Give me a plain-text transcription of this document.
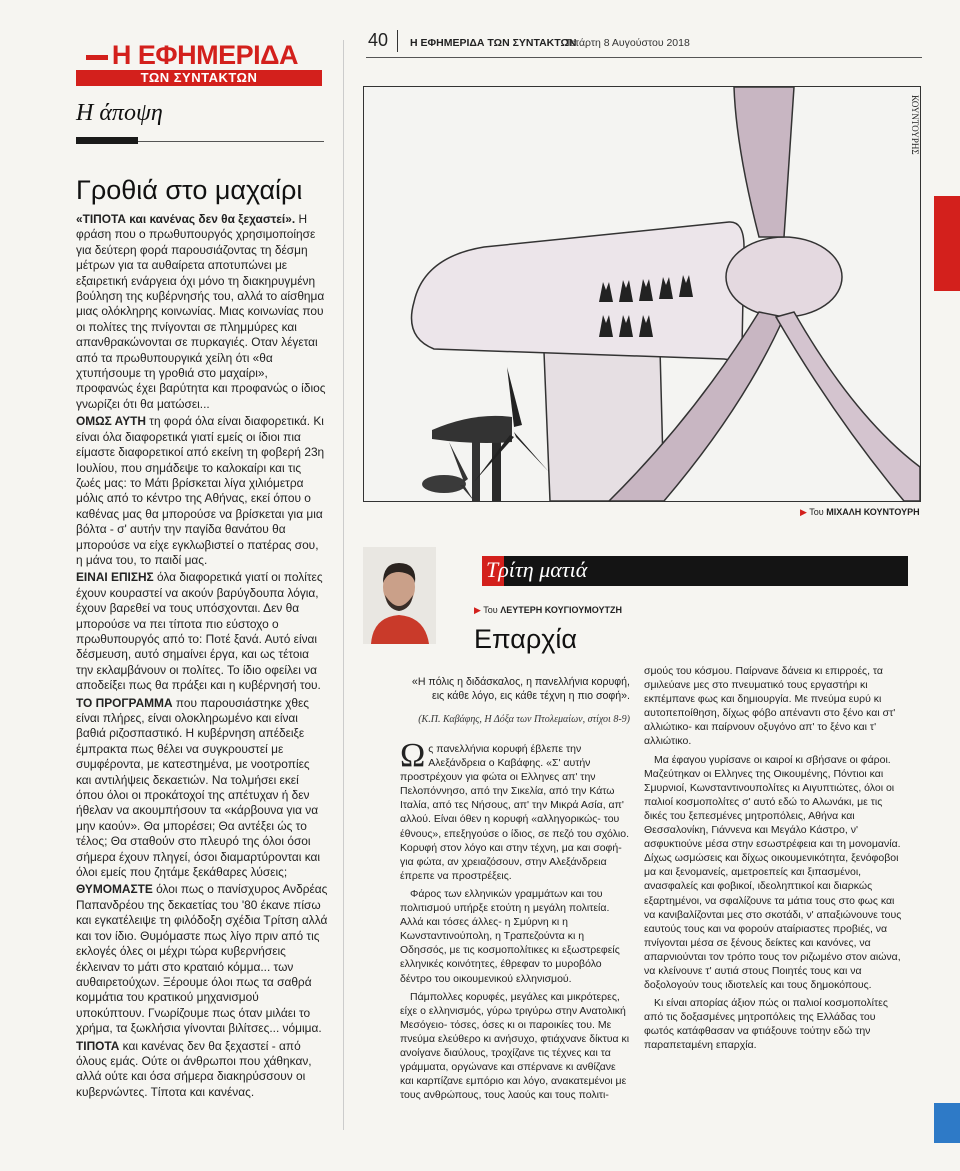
Η ΕΦΗΜΕΡΙΔΑ
ΤΩΝ ΣΥΝΤΑΚΤΩΝ
Η άποψη
Γροθιά στο μαχαίρι

«ΤΙΠΟΤΑ και κανένας δεν θα ξεχαστεί». Η φράση που ο πρωθυπουργός χρησιμοποίησε για δεύτερη φορά παρουσιάζοντας τη δέσμη μέτρων για τα αυθαίρετα αποτυπώνει με εξαιρετική ενάργεια όχι μόνο τη διακηρυγμένη βούληση της κυβέρνησής του, αλλά το αίσθημα μιας ολόκληρης κοινωνίας. Μιας κοινωνίας που οι πολίτες της πνίγονται σε πλημμύρες και απανθρακώνονται σε πυρκαγιές. Οταν λέγεται από τα πρωθυπουργικά χείλη ότι «θα χτυπήσουμε τη γροθιά στο μαχαίρι», προφανώς έχει βαρύτητα και προφανώς ο ίδιος γνωρίζει ότι θα ματώσει...

ΟΜΩΣ ΑΥΤΗ τη φορά όλα είναι διαφορετικά. Κι είναι όλα διαφορετικά γιατί εμείς οι ίδιοι πια είμαστε διαφορετικοί από εκείνη τη φοβερή 23η Ιουλίου, που σημάδεψε το καλοκαίρι και τις ζωές μας: το Μάτι βρίσκεται λίγα χιλιόμετρα μόλις από το κέντρο της Αθήνας, εκεί όπου ο καθένας μας θα μπορούσε να βρίσκεται για μια βόλτα - σ' αυτήν την παγίδα θανάτου θα μπορούσε να είχε εγκλωβιστεί ο πατέρας σου, η μάνα του, το παιδί μας.

ΕΙΝΑΙ ΕΠΙΣΗΣ όλα διαφορετικά γιατί οι πολίτες έχουν κουραστεί να ακούν βαρύγδουπα λόγια, έχουν βαρεθεί να τους υπόσχονται. Δεν θα μπορούσε να πει τίποτα πιο εύστοχο ο πρωθυπουργός από το: Ποτέ ξανά. Αυτό είναι δέσμευση, αυτό σημαίνει έργα, και ως τέτοια την εκλαμβάνουν οι πολίτες. Το ίδιο οφείλει να αποδείξει πως θα πράξει και η κυβέρνησή του.

ΤΟ ΠΡΟΓΡΑΜΜΑ που παρουσιάστηκε χθες είναι πλήρες, είναι ολοκληρωμένο και είναι βαθιά ριζοσπαστικό. Η κυβέρνηση απέδειξε έμπρακτα πως θέλει να συγκρουστεί με συμφέροντα, με κατεστημένα, με νοοτροπίες και αντιλήψεις δεκαετιών. Να τολμήσει εκεί όπου όλοι οι προκάτοχοί της απέτυχαν ή δεν ήθελαν να ακουμπήσουν τα «κάρβουνα για να μην καούν». Θα μπορέσει; Θα αντέξει ώς το τέλος; Θα σταθούν στο πλευρό της όλοι όσοι σήμερα έχουν πληγεί, όσοι διαμαρτύρονται και όλοι εμείς που ζητάμε ξεκάθαρες λύσεις;

ΘΥΜΟΜΑΣΤΕ όλοι πως ο πανίσχυρος Ανδρέας Παπανδρέου της δεκαετίας του '80 έκανε πίσω και εγκατέλειψε τη φιλόδοξη σχέδια Τρίτση αλλά και τον ίδιο. Θυμόμαστε πως λίγο πριν από τις εκλογές όλες οι μέχρι τώρα κυβερνήσεις έκλειναν το μάτι στο κραταιό κόμμα... των αυθαιρετούχων. Ξέρουμε όλοι πως τα σαθρά κομμάτια του κρατικού μηχανισμού υποκύπτουν. Γνωρίζουμε πως όταν μιλάει το χρήμα, τα ξωκλήσια γίνονται βιλίτσες... νόμιμα.

ΤΙΠΟΤΑ και κανένας δεν θα ξεχαστεί - από όλους εμάς. Ούτε οι άνθρωποι που χάθηκαν, αλλά ούτε και όσα σήμερα διακηρύσσουν οι κυβερνώντες. Τίποτα και κανένας.

40 Η ΕΦΗΜΕΡΙΔΑ ΤΩΝ ΣΥΝΤΑΚΤΩΝ
Τετάρτη 8 Αυγούστου 2018
ΚΟΥΝΤΟΥΡΗΣ
▶ Του ΜΙΧΑΛΗ ΚΟΥΝΤΟΥΡΗ
Τρίτη ματιά
▶ Του ΛΕΥΤΕΡΗ ΚΟΥΓΙΟΥΜΟΥΤΖΗ
Επαρχία
«Η πόλις η διδάσκαλος, η πανελλήνια κορυφή, εις κάθε λόγο, εις κάθε τέχνη η πιο σοφή».
(Κ.Π. Καβάφης, Η Δόξα των Πτολεμαίων, στίχοι 8-9)

Ως πανελλήνια κορυφή έβλεπε την Αλεξάνδρεια ο Καβάφης. «Σ' αυτήν προστρέχουν για φώτα οι Ελληνες απ' την Πελοπόννησο, από την Σικελία, από την Κάτω Ιταλία, από τες Νήσους, απ' την Μικρά Ασία, απ' αλλού. Είναι όθεν η κορυφή «αλληγορικώς- του έθνους», επεξηγούσε ο ίδιος, σε πεζό του σχόλιο. Κορυφή στον λόγο και στην τέχνη, μα και σοφή- για φώτα, αν χρειαζόσουν, στην Αλεξάνδρεια έπρεπε να προστρέξεις.

Φάρος των ελληνικών γραμμάτων και του πολιτισμού υπήρξε ετούτη η μεγάλη πολιτεία. Αλλά και τόσες άλλες- η Σμύρνη κι η Κωνσταντινούπολη, η Τραπεζούντα κι η Οδησσός, με τις κοσμοπολίτικες κι εξωστρεφείς ελληνικές κοινότητες, έθρεφαν το μυροβόλο δέντρο του οικουμενικού ελληνισμού.

Πάμπολλες κορυφές, μεγάλες και μικρότερες, είχε ο ελληνισμός, γύρω τριγύρω στην Ανατολική Μεσόγειο- τόσες, όσες κι οι παροικίες του. Με πνεύμα ελεύθερο κι ανήσυχο, φτιάχνανε δίκτυα κι ανοίγανε διαύλους, τροχίζανε τις τέχνες και τα γράμματα, οργώνανε και σπέρνανε κι ανθίζανε και καρπίζανε εμπόριο και λόγο, ανακατεμένοι με τους ανθρώπους, τους λαούς και τους πολιτι-

σμούς του κόσμου. Παίρνανε δάνεια κι επιρροές, τα σμιλεύανε μες στο πνευματικό τους εργαστήρι κι εκπέμπανε φως και δημιουργία. Με πνεύμα ευρύ κι αυτοπεποίθηση, δίχως φόβο απέναντι στο ξένο και στ' αλλιώτικο- και παίρνουν οξυγόνο απ' το ξένο και τ' αλλιώτικο.

Μα έφαγου γυρίσανε οι καιροί κι σβήσανε οι φάροι. Μαζεύτηκαν οι Ελληνες της Οικουμένης, Πόντιοι και Σμυρνιοί, Κωνσταντινουπολίτες κι Αιγυπτιώτες, όλοι οι παλιοί κοσμοπολίτες σ' αυτό εδώ το Αλωνάκι, με τις δικές του ξεπεσμένες μητροπόλεις, Αθήνα και Θεσσαλονίκη, Γιάννενα και Μεγάλο Κάστρο, ν' ασφυκτιούνε μέσα στην εσωστρέφεια και τη μονομανία. Δίχως ωσμώσεις και δίχως οικουμενικότητα, ξενόφοβοι μα και ξενομανείς, αμετροεπείς και ξιπασμένοι, ανασφαλείς και φοβικοί, ιδεοληπτικοί και διαρκώς εξαρτημένοι, να σφαλίζουνε τα μάτια τους στο φως και να κανιβαλίζονται μες στο σκοτάδι, ν' απαξιώνουνε τους εαυτούς τους και να φορούν αταίριαστες προβιές, να πνίγονται μέσα σε ξένους δείκτες και κανόνες, να απαρνιούνται τον τρόπο τους τον ριζωμένο στον αιώνα, να κλείνουνε τ' αυτιά στους Ποιητές τους και να δοξολογούν τους ιδιοτελείς και τους δημοκόπους.

Κι είναι απορίας άξιον πώς οι παλιοί κοσμοπολίτες από τις δοξασμένες μητροπόλεις της Ελλάδας του φωτός κατάφθασαν να φτιάξουνε τούτην εδώ την παραπεταμένη επαρχία.
